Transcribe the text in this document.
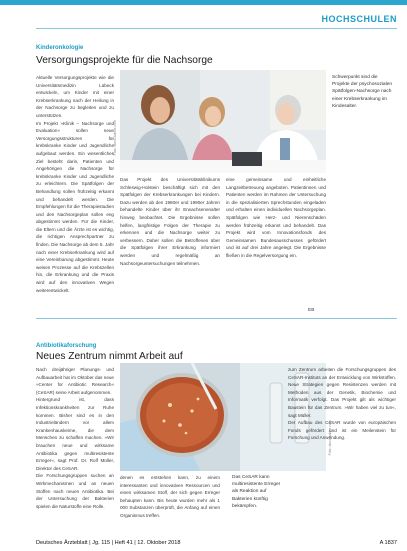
HOCHSCHULEN
Kinderonkologie
Versorgungsprojekte für die Nachsorge
Aktuelle Versorgungsprojekte wie die Universitätsmedizin Lübeck entwickeln, um Kinder mit einer Krebserkrankung nach der Heilung in der Nachsorge zu begleiten und zu unterstützen.
Im Projekt »Klinik – Nachsorge und Evaluation« sollen neue Versorgungsstrukturen für krebskranke Kinder und Jugendliche aufgebaut werden. Ein wesentliches Ziel besteht darin, Patienten und Angehörigen die Nachsorge für krebskranke Kinder und Jugendliche zu erleichtern. Die Spätfolgen der Behandlung sollen frühzeitig erkannt und behandelt werden. Die Empfehlungen für die Therapiestudien und den Nachsorgeplan sollen eng abgestimmt werden. Für die Kinder, die Eltern und die Ärzte ist es wichtig, die richtigen Ansprechpartner zu finden. Die Nachsorge ab dem 5. Jahr nach einer Krebserkrankung wird auf eine Vereinbarung abgestimmt. Heute weisen Prozesse auf die Krebszellen hin, die Erkrankung und die Praxis wird auf den innovativen Wegen weiterentwickelt.
Foto: stock.adobe.com
Das Projekt des Universitätsklinikums Schleswig-Holstein beschäftigt sich mit den Spätfolgen der Krebserkrankungen bei Kindern. Dazu werden ab den 1980er und 1990er Jahren behandelte Kinder über ihr Erwachsenenalter hinweg beobachtet. Die Ergebnisse sollen helfen, langfristige Folgen der Therapie zu erkennen und die Nachsorge weiter zu verbessern. Daher sollen die Betroffenen über die Spätfolgen ihrer Erkrankung informiert werden und regelmäßig an Nachsorgeuntersuchungen teilnehmen.
eine gemeinsame und einheitliche Langzeitbetreuung angeboten. Patientinnen und Patienten werden im Rahmen der Untersuchung in die spezialisierten Sprechstunden eingeladen und erhalten einen individuellen Nachsorgeplan. Spätfolgen wie Herz- und Nierenschäden werden frühzeitig erkannt und behandelt. Das Projekt wird vom Innovationsfonds des Gemeinsamen Bundesausschusses gefördert und ist auf drei Jahre angelegt. Die Ergebnisse fließen in die Regelversorgung ein.
EB
Schwerpunkt sind die Projekte der psychosozialen Spätfolgen-Nachsorge nach einer Krebserkrankung im Kindesalter.
Antibiotikaforschung
Neues Zentrum nimmt Arbeit auf
Nach dreijähriger Planungs- und Aufbauarbeit hat im Oktober das neue »Center for Antibiotic Research« (CeSAR) seine Arbeit aufgenommen.
Hintergrund ist, dass Infektionskrankheiten zur Ruhe kommen. Bisher sind es in den Industrieländern vor allem Krankenhauskeime, die dem Menschen zu schaffen machen. »Wir brauchen neue und wirksame Antibiotika gegen multiresistente Erreger«, sagt Prof. Dr. Rolf Müller, Direktor des CeSAR.
Die Forschungsgruppen suchen an Wirkmechanismen und an neuen Stoffen nach neuen Antibiotika. Bei der Untersuchung der Bakterien spielen die Naturstoffe eine Rolle.
Foto: stock.adobe.com
denen es entstehen kann, zu einem interessanten und innovativen Ressourcen und einen wirksamen Stoff, der sich gegen Erreger behaupten kann. Bis heute wurden mehr als 1 000 Substanzen überprüft, die Anfang auf einen Organismus treffen.
Das CeSAR kann multiresistente Erreger als Reaktion auf Bakterien künftig bekämpfen.
zum Zentrum arbeiten die Forschungsgruppen des CeSAR-Instituts an der Entwicklung von Wirkstoffen. Neue Strategien gegen Resistenzen werden mit Methoden aus der Genetik, Biochemie und Informatik verfolgt. Das Projekt gilt als wichtiger Baustein für das Zentrum. »Wir haben viel zu tun«, sagt Müller.
Der Aufbau des CeSAR wurde von europäischen Fonds gefördert und ist ein Meilenstein für Forschung und Anwendung.
Deutsches Ärzteblatt | Jg. 115 | Heft 41 | 12. Oktober 2018	A 1837
